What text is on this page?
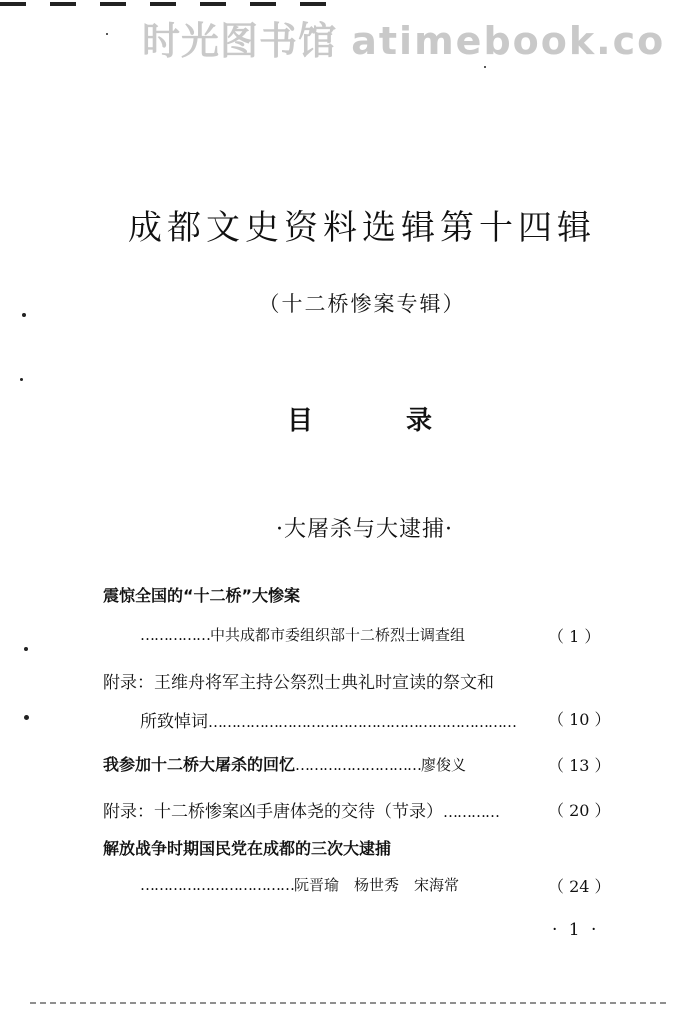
时光图书馆 atimebook.co
成都文史资料选辑第十四辑
（十二桥惨案专辑）
目	录
·大屠杀与大逮捕·
震惊全国的“十二桥”大惨案
……………中共成都市委组织部十二桥烈士调查组	（ 1 ）
附录：王维舟将军主持公祭烈士典礼时宣读的祭文和
所致悼词………………………………………………………… （ 10 ）
我参加十二桥大屠杀的回忆………………………廖俊义	（ 13 ）
附录：十二桥惨案凶手唐体尧的交待（节录）…………	（ 20 ）
解放战争时期国民党在成都的三次大逮捕
……………………………阮晋瑜　杨世秀　宋海常	（ 24 ）
· 1 ·
